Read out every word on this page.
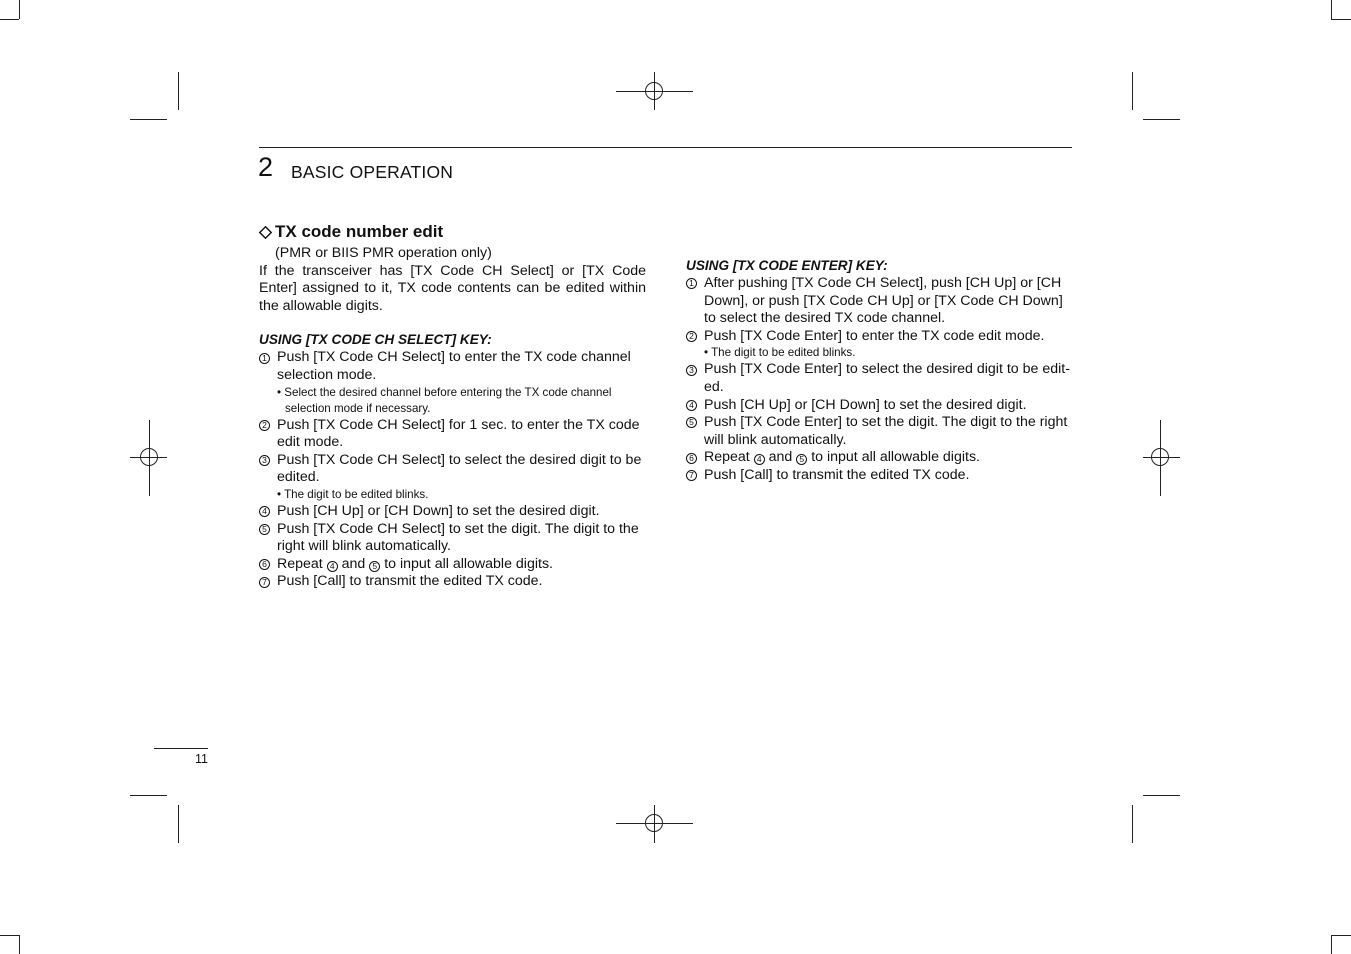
2 BASIC OPERATION
TX code number edit

(PMR or BIIS PMR operation only)

If the transceiver has [TX Code CH Select] or [TX Code Enter] assigned to it, TX code contents can be edited within the allowable digits.

USING [TX CODE CH SELECT] KEY:

1 Push [TX Code CH Select] to enter the TX code channel selection mode.
• Select the desired channel before entering the TX code channel selection mode if necessary.
2 Push [TX Code CH Select] for 1 sec. to enter the TX code edit mode.
3 Push [TX Code CH Select] to select the desired digit to be edited.
• The digit to be edited blinks.
4 Push [CH Up] or [CH Down] to set the desired digit.
5 Push [TX Code CH Select] to set the digit. The digit to the right will blink automatically.
6 Repeat 4 and 5 to input all allowable digits.
7 Push [Call] to transmit the edited TX code.

USING [TX CODE ENTER] KEY:

1 After pushing [TX Code CH Select], push [CH Up] or [CH Down], or push [TX Code CH Up] or [TX Code CH Down] to select the desired TX code channel.
2 Push [TX Code Enter] to enter the TX code edit mode.
• The digit to be edited blinks.
3 Push [TX Code Enter] to select the desired digit to be edit-ed.
4 Push [CH Up] or [CH Down] to set the desired digit.
5 Push [TX Code Enter] to set the digit. The digit to the right will blink automatically.
6 Repeat 4 and 5 to input all allowable digits.
7 Push [Call] to transmit the edited TX code.
11
